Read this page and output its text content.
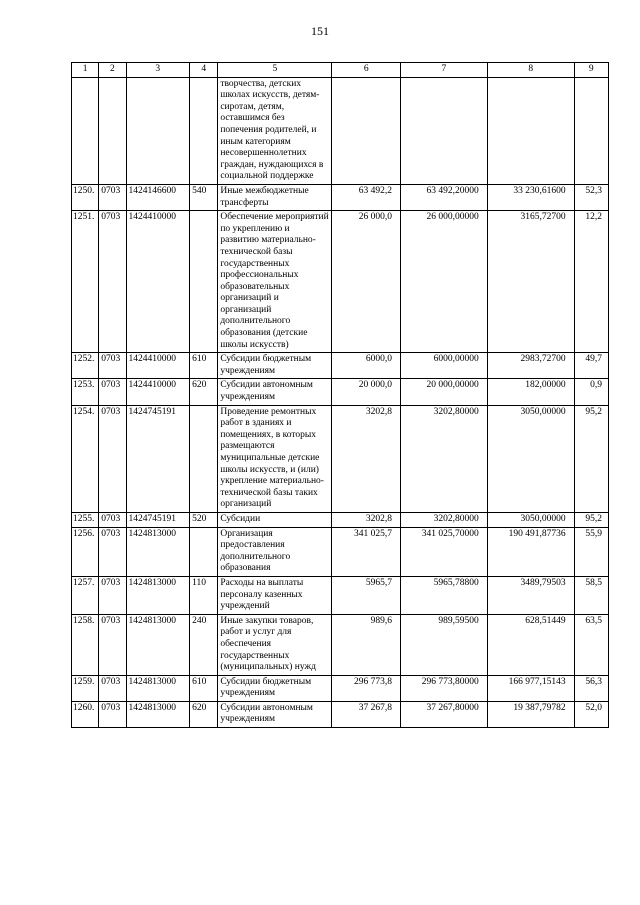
151
1	2	3	4	5	6	7	8	9
				творчества, детских школах искусств, детям-сиротам, детям, оставшимся без попечения родителей, и иным категориям несовершеннолетних граждан, нуждающихся в социальной поддержке				
1250.	0703	1424146600	540	Иные межбюджетные трансферты	63 492,2	63 492,20000	33 230,61600	52,3
1251.	0703	1424410000		Обеспечение мероприятий по укреплению и развитию материально-технической базы государственных профессиональных образовательных организаций и организаций дополнительного образования (детские школы искусств)	26 000,0	26 000,00000	3165,72700	12,2
1252.	0703	1424410000	610	Субсидии бюджетным учреждениям	6000,0	6000,00000	2983,72700	49,7
1253.	0703	1424410000	620	Субсидии автономным учреждениям	20 000,0	20 000,00000	182,00000	0,9
1254.	0703	1424745191		Проведение ремонтных работ в зданиях и помещениях, в которых размещаются муниципальные детские школы искусств, и (или) укрепление материально-технической базы таких организаций	3202,8	3202,80000	3050,00000	95,2
1255.	0703	1424745191	520	Субсидии	3202,8	3202,80000	3050,00000	95,2
1256.	0703	1424813000		Организация предоставления дополнительного образования	341 025,7	341 025,70000	190 491,87736	55,9
1257.	0703	1424813000	110	Расходы на выплаты персоналу казенных учреждений	5965,7	5965,78800	3489,79503	58,5
1258.	0703	1424813000	240	Иные закупки товаров, работ и услуг для обеспечения государственных (муниципальных) нужд	989,6	989,59500	628,51449	63,5
1259.	0703	1424813000	610	Субсидии бюджетным учреждениям	296 773,8	296 773,80000	166 977,15143	56,3
1260.	0703	1424813000	620	Субсидии автономным учреждениям	37 267,8	37 267,80000	19 387,79782	52,0
